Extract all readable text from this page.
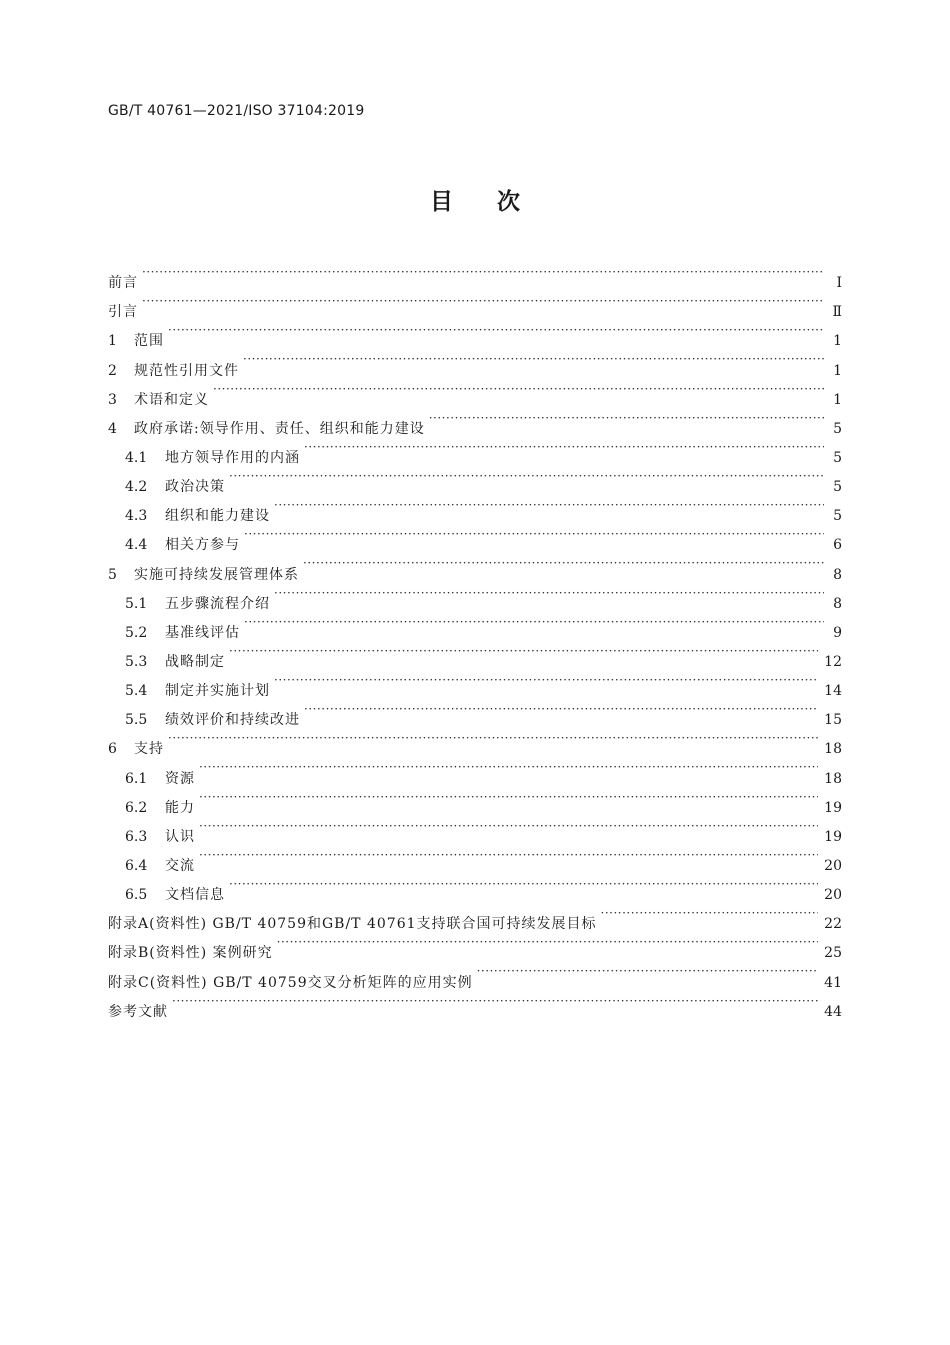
GB/T 40761—2021/ISO 37104:2019
目次
前言 ·····	Ⅰ
引言 ·····	Ⅱ
1	范围 ·····	1
2	规范性引用文件 ·····	1
3	术语和定义 ·····	1
4	政府承诺:领导作用、责任、组织和能力建设 ·····	5
4.1	地方领导作用的内涵 ·····	5
4.2	政治决策 ·····	5
4.3	组织和能力建设 ·····	5
4.4	相关方参与 ·····	6
5	实施可持续发展管理体系 ·····	8
5.1	五步骤流程介绍 ·····	8
5.2	基准线评估 ·····	9
5.3	战略制定 ·····	12
5.4	制定并实施计划 ·····	14
5.5	绩效评价和持续改进 ·····	15
6	支持 ·····	18
6.1	资源 ·····	18
6.2	能力 ·····	19
6.3	认识 ·····	19
6.4	交流 ·····	20
6.5	文档信息 ·····	20
附录A(资料性) GB/T 40759和GB/T 40761支持联合国可持续发展目标 ·····	22
附录B(资料性) 案例研究 ·····	25
附录C(资料性) GB/T 40759交叉分析矩阵的应用实例 ·····	41
参考文献 ·····	44
